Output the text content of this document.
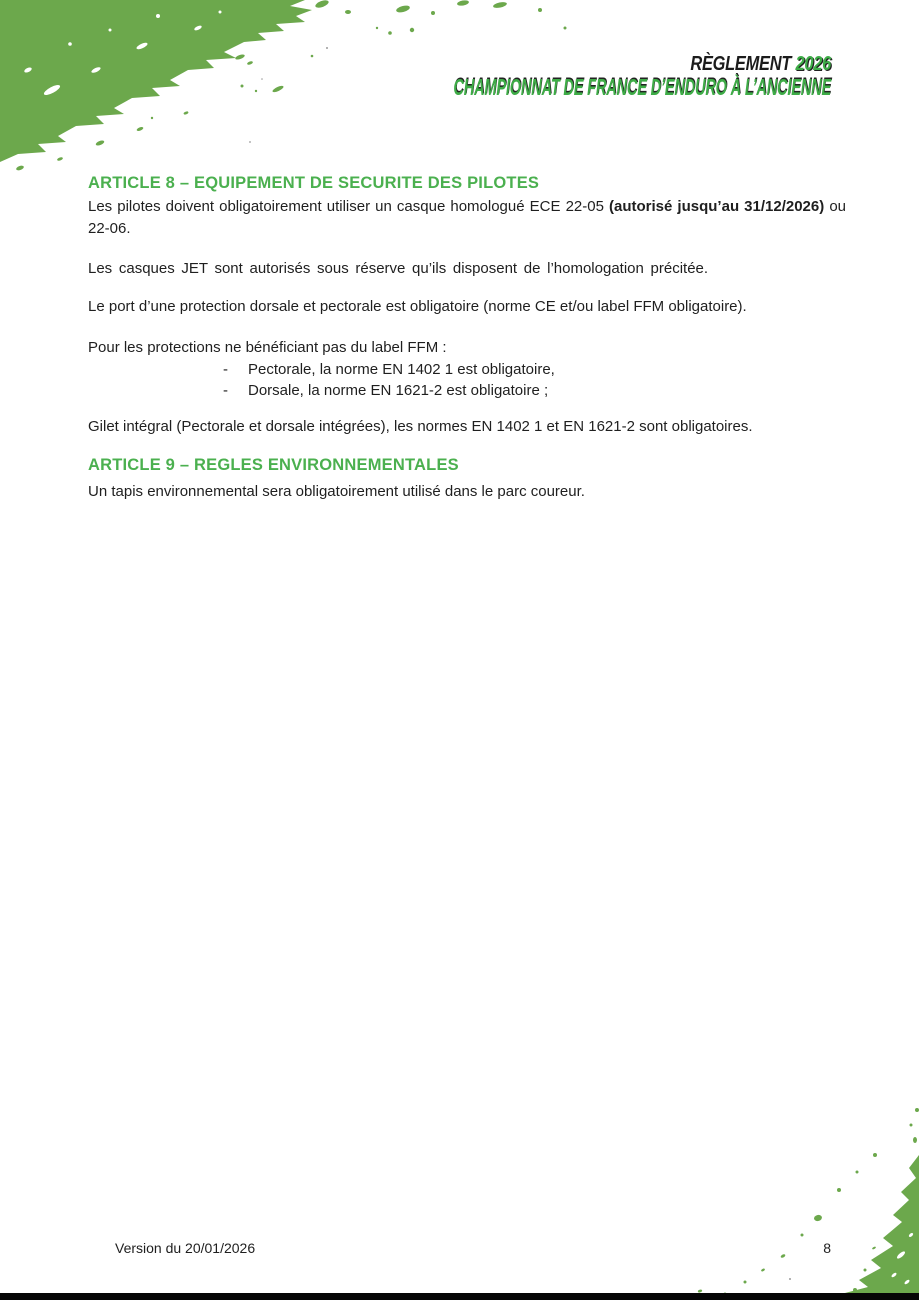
RÈGLEMENT 2026
CHAMPIONNAT DE FRANCE D’ENDURO À L’ANCIENNE
ARTICLE 8 – EQUIPEMENT DE SECURITE DES PILOTES

Les pilotes doivent obligatoirement utiliser un casque homologué ECE 22-05 (autorisé jusqu’au 31/12/2026) ou 22-06.

Les casques JET sont autorisés sous réserve qu’ils disposent de l’homologation précitée.

Le port d’une protection dorsale et pectorale est obligatoire (norme CE et/ou label FFM obligatoire).

Pour les protections ne bénéficiant pas du label FFM :

-	Pectorale, la norme EN 1402 1 est obligatoire,
-	Dorsale, la norme EN 1621-2 est obligatoire ;

Gilet intégral (Pectorale et dorsale intégrées), les normes EN 1402 1 et EN 1621-2 sont obligatoires.

ARTICLE 9 – REGLES ENVIRONNEMENTALES

Un tapis environnemental sera obligatoirement utilisé dans le parc coureur.

Version du 20/01/2026	8
